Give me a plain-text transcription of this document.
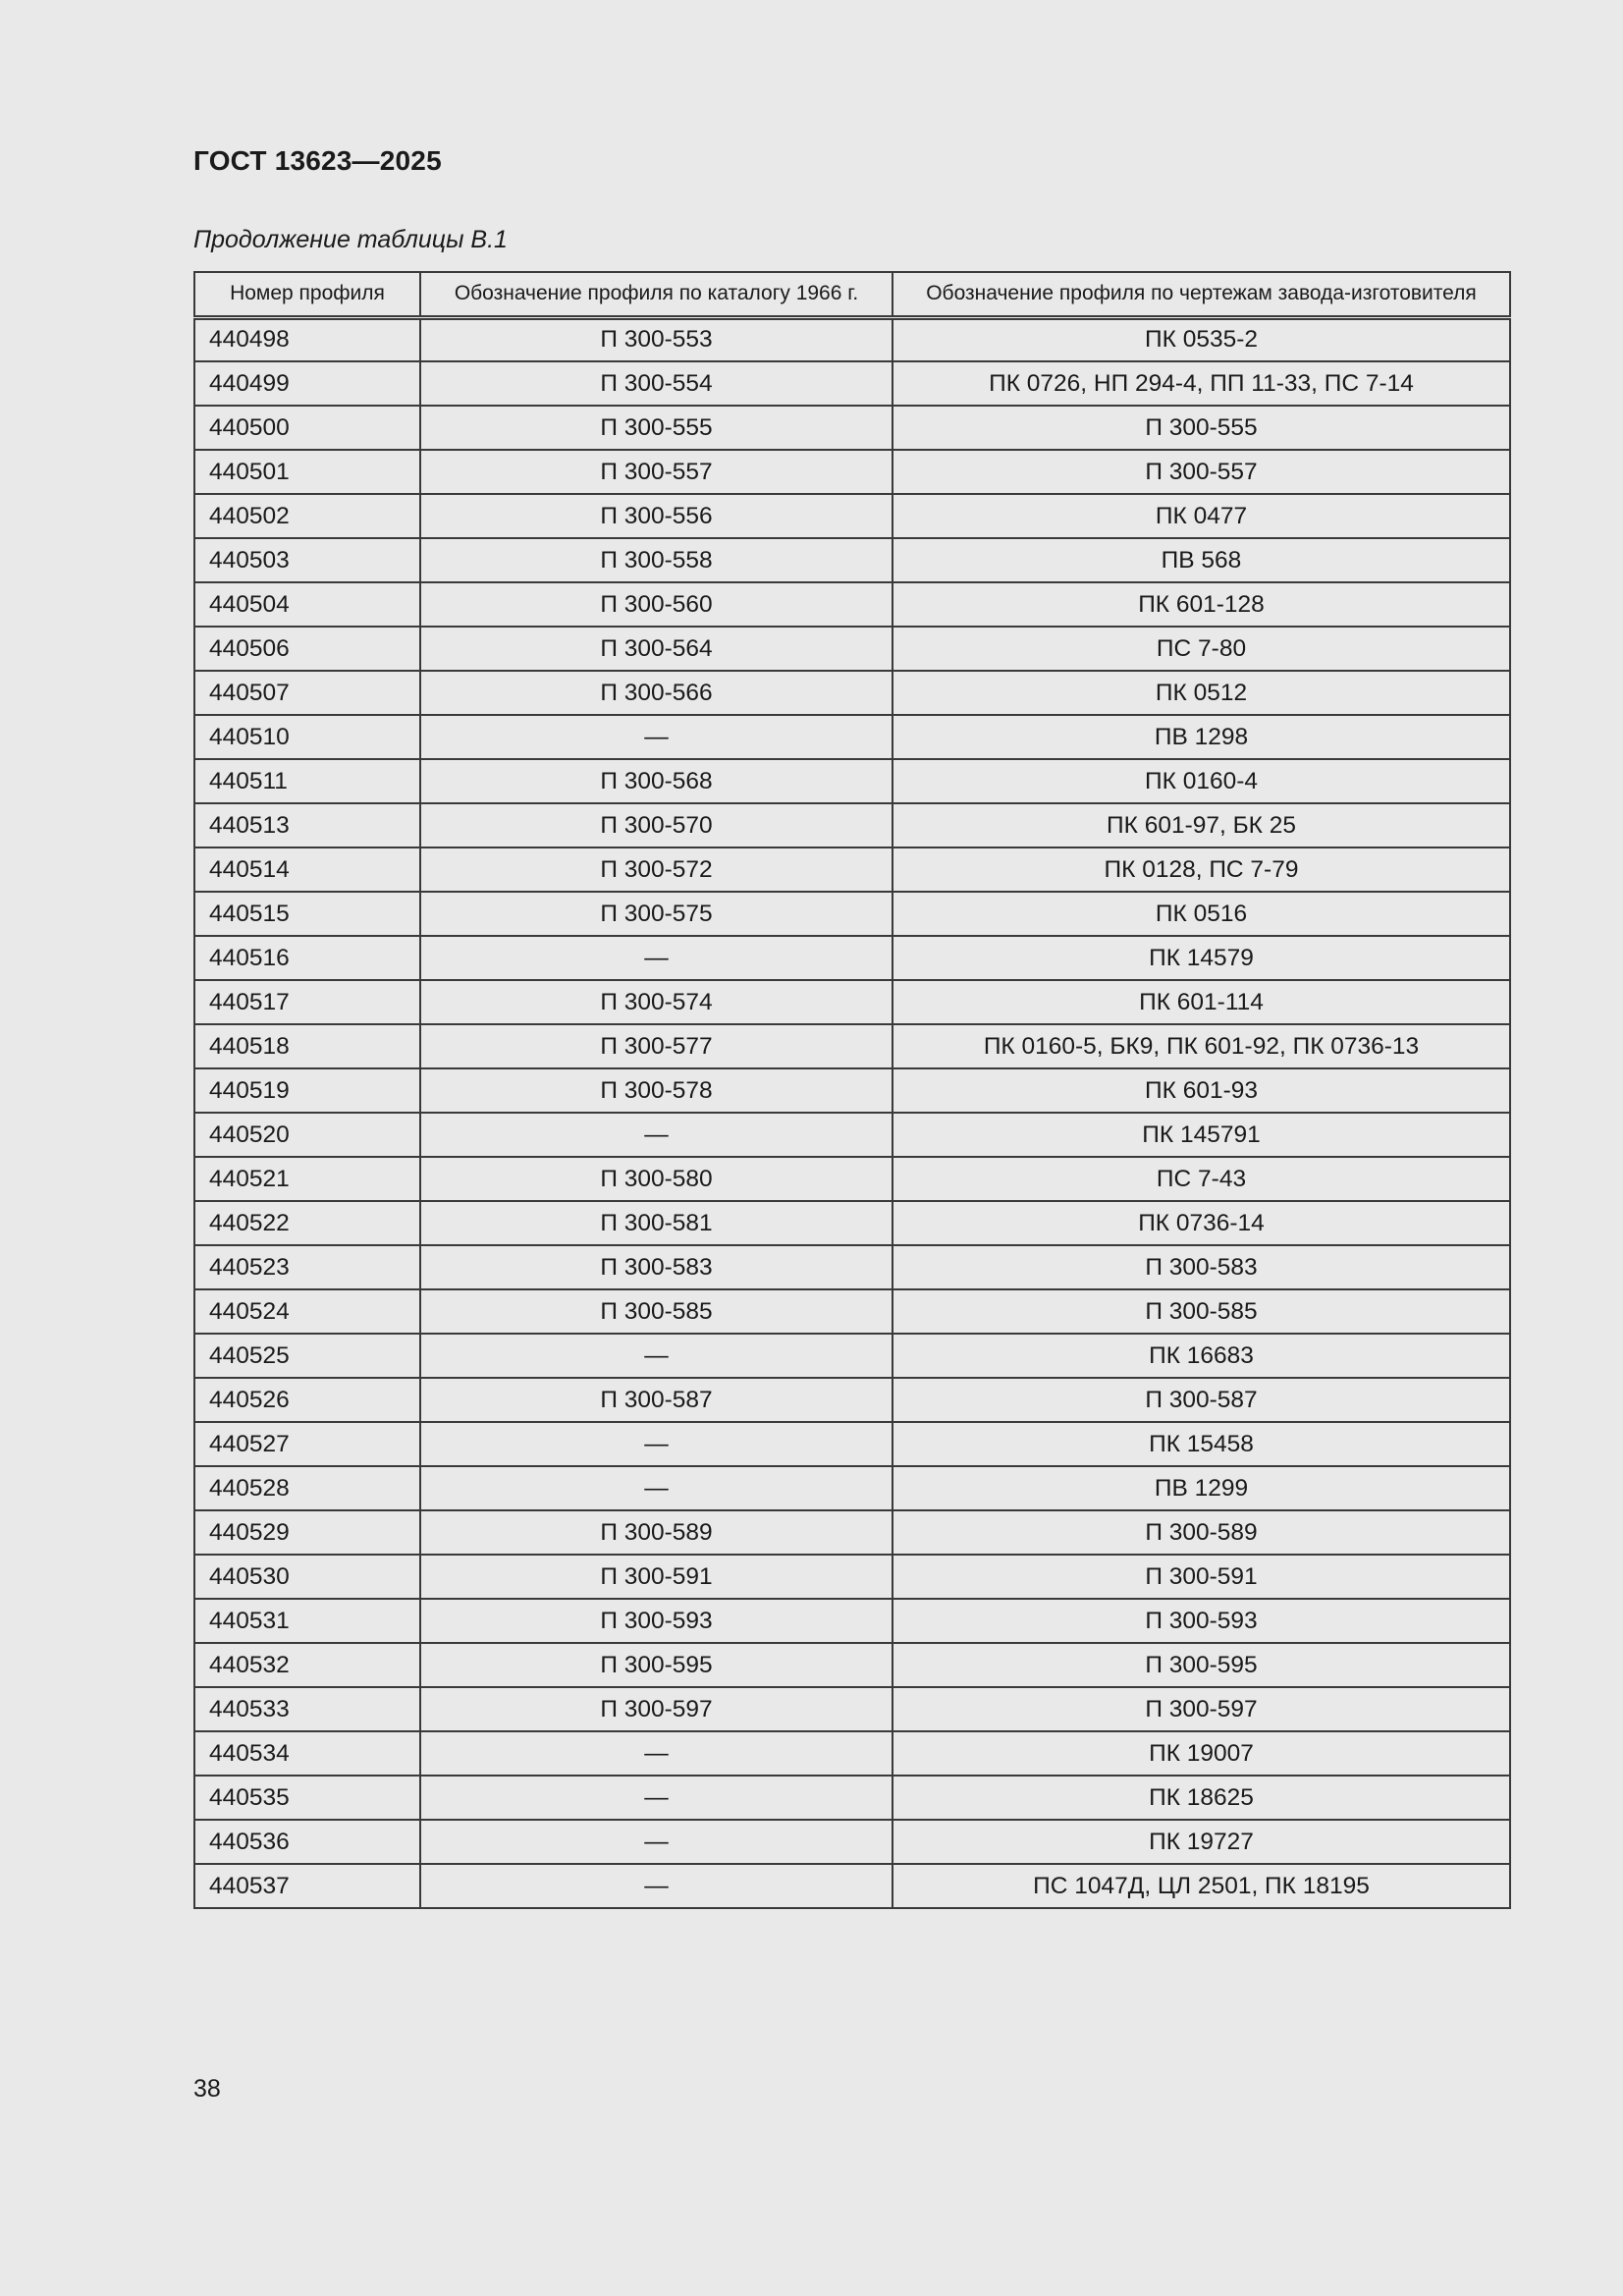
ГОСТ 13623—2025
Продолжение таблицы В.1
Номер профиля	Обозначение профиля по каталогу 1966 г.	Обозначение профиля по чертежам завода-изготовителя
440498	П 300-553	ПК 0535-2
440499	П 300-554	ПК 0726, НП 294-4, ПП 11-33, ПС 7-14
440500	П 300-555	П 300-555
440501	П 300-557	П 300-557
440502	П 300-556	ПК 0477
440503	П 300-558	ПВ 568
440504	П 300-560	ПК 601-128
440506	П 300-564	ПС 7-80
440507	П 300-566	ПК 0512
440510	—	ПВ 1298
440511	П 300-568	ПК 0160-4
440513	П 300-570	ПК 601-97, БК 25
440514	П 300-572	ПК 0128, ПС 7-79
440515	П 300-575	ПК 0516
440516	—	ПК 14579
440517	П 300-574	ПК 601-114
440518	П 300-577	ПК 0160-5, БК9, ПК 601-92, ПК 0736-13
440519	П 300-578	ПК 601-93
440520	—	ПК 145791
440521	П 300-580	ПС 7-43
440522	П 300-581	ПК 0736-14
440523	П 300-583	П 300-583
440524	П 300-585	П 300-585
440525	—	ПК 16683
440526	П 300-587	П 300-587
440527	—	ПК 15458
440528	—	ПВ 1299
440529	П 300-589	П 300-589
440530	П 300-591	П 300-591
440531	П 300-593	П 300-593
440532	П 300-595	П 300-595
440533	П 300-597	П 300-597
440534	—	ПК 19007
440535	—	ПК 18625
440536	—	ПК 19727
440537	—	ПС 1047Д, ЦЛ 2501, ПК 18195
38
